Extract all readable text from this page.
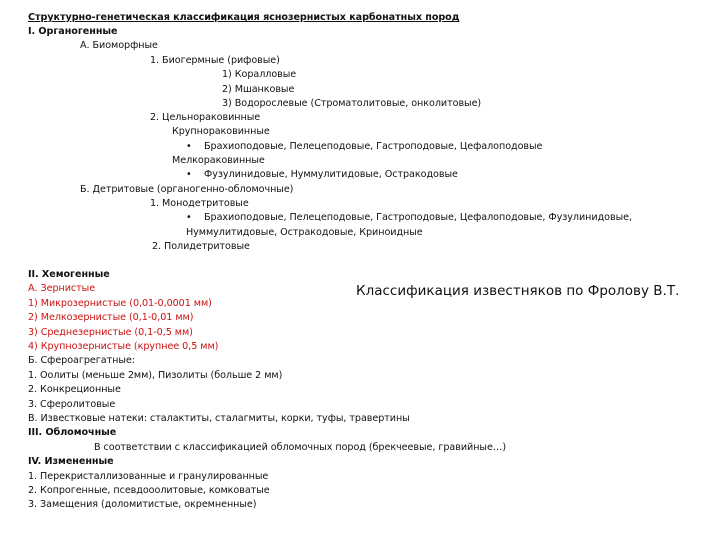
Структурно-генетическая классификация яснозернистых карбонатных пород
I. Органогенные
А. Биоморфные
1. Биогермные (рифовые)
1) Коралловые
2) Мшанковые
3) Водорослевые (Строматолитовые, онколитовые)
2. Цельнораковинные
Крупнораковинные
• Брахиоподовые, Пелецеподовые, Гастроподовые, Цефалоподовые
Мелкораковинные
• Фузулинидовые, Нуммулитидовые, Остракодовые
Б. Детритовые (органогенно-обломочные)
1. Монодетритовые
• Брахиоподовые, Пелецеподовые, Гастроподовые, Цефалоподовые, Фузулинидовые,
Нуммулитидовые, Остракодовые, Криноидные
2. Полидетритовые
II. Хемогенные
А. Зернистые
1) Микрозернистые (0,01-0,0001 мм)
2) Мелкозернистые (0,1-0,01 мм)
3) Среднезернистые (0,1-0,5 мм)
4) Крупнозернистые (крупнее 0,5 мм)
Б. Сфероагрегатные:
1. Оолиты (меньше 2мм), Пизолиты (больше 2 мм)
2. Конкреционные
3. Сферолитовые
В. Известковые натеки: сталактиты, сталагмиты, корки, туфы, травертины
III. Обломочные
В соответствии с классификацией обломочных пород (брекчеевые, гравийные…)
IV. Измененные
1. Перекристаллизованные и гранулированные
2. Копрогенные, псевдооолитовые, комковатые
3. Замещения (доломитистые, окремненные)
Классификация известняков по Фролову В.Т.
